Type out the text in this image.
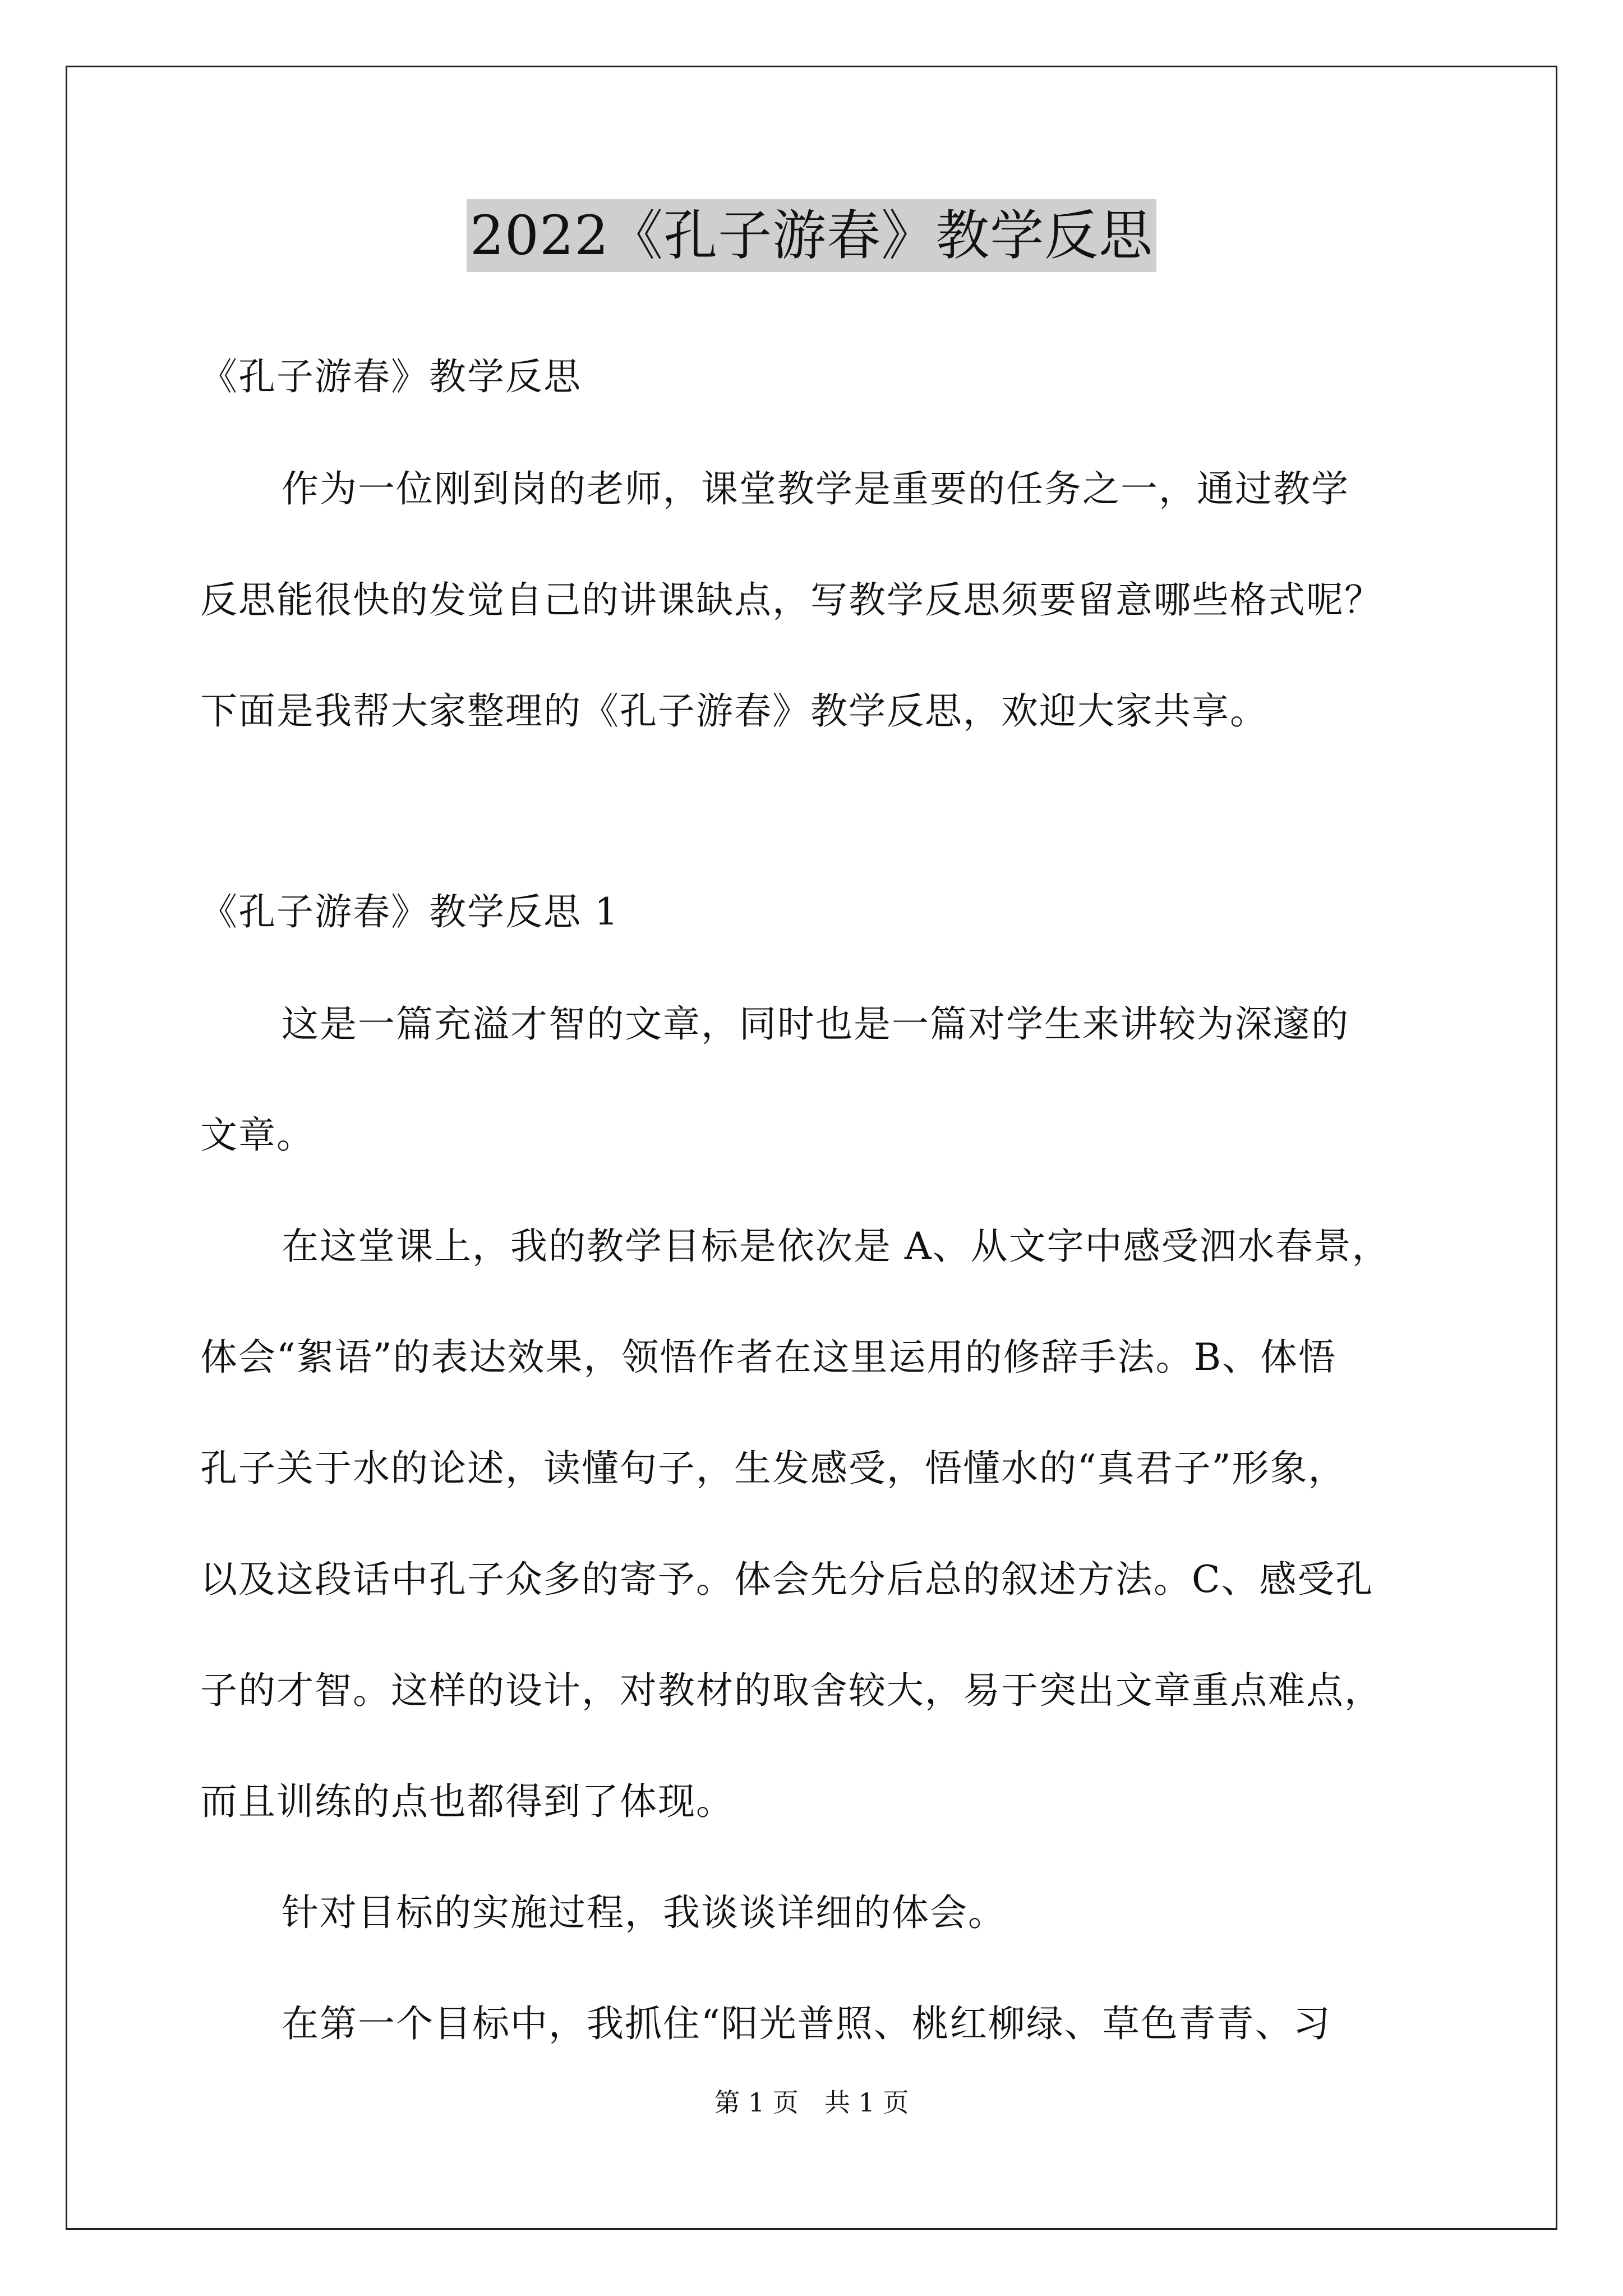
2022《孔子游春》教学反思
《孔子游春》教学反思
作为一位刚到岗的老师，课堂教学是重要的任务之一，通过教学
反思能很快的发觉自己的讲课缺点，写教学反思须要留意哪些格式呢？
下面是我帮大家整理的《孔子游春》教学反思，欢迎大家共享。
《孔子游春》教学反思 1
这是一篇充溢才智的文章，同时也是一篇对学生来讲较为深邃的
文章。
在这堂课上，我的教学目标是依次是 A、从文字中感受泗水春景，
体会“絮语”的表达效果，领悟作者在这里运用的修辞手法。B、体悟
孔子关于水的论述，读懂句子，生发感受，悟懂水的“真君子”形象，
以及这段话中孔子众多的寄予。体会先分后总的叙述方法。C、感受孔
子的才智。这样的设计，对教材的取舍较大，易于突出文章重点难点，
而且训练的点也都得到了体现。
针对目标的实施过程，我谈谈详细的体会。
在第一个目标中，我抓住“阳光普照、桃红柳绿、草色青青、习
第 1 页　共 1 页
